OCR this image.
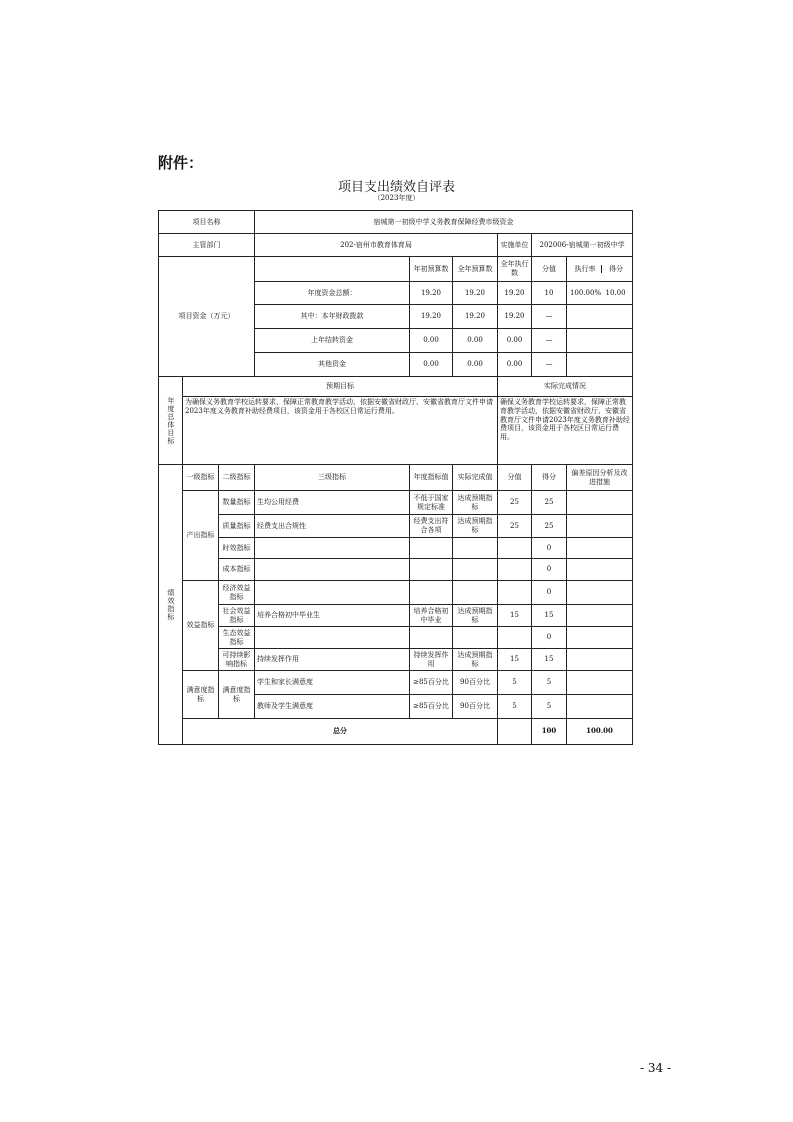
附件：
项目支出绩效自评表
（2023年度）
项目名称			宿城第一初级中学义务教育保障经费市级资金						
主管部门			202-宿州市教育体育局			实施单位	202006-宿城第一初级中学		
项目资金（万元）				年初预算数	全年预算数	全年执行数	分值	执行率 得分	
			年度资金总额：	19.20	19.20	19.20	10	100.00% 10.00	
			其中：本年财政拨款	19.20	19.20	19.20	—		
			上年结转资金	0.00	0.00	0.00	—		
			其他资金	0.00	0.00	0.00	—		

年度总体目标	预期目标					实际完成情况			
	为确保义务教育学校运转要求，保障正常教育教学活动，依据安徽省财政厅、安徽省教育厅文件申请2023年度义务教育补助经费项目，该资金用于各校区日常运行费用。					确保义务教育学校运转要求，保障正常教育教学活动，依据安徽省财政厅、安徽省教育厅文件申请2023年度义务教育补助经费项目，该资金用于各校区日常运行费用。			

绩效指标	一级指标	二级指标	三级指标	年度指标值	实际完成值	分值	得分	偏差原因分析及改进措施	
	产出指标	数量指标	生均公用经费	不低于国家规定标准	达成预期指标	25	25		
		质量指标	经费支出合规性	经费支出符合各项	达成预期指标	25	25		
		时效指标					0		
		成本指标					0		
	效益指标	经济效益指标					0		
		社会效益指标	培养合格初中毕业生	培养合格初中毕业	达成预期指标	15	15		
		生态效益指标					0		
		可持续影响指标	持续发挥作用	持续发挥作用	达成预期指标	15	15		
	满意度指标	满意度指标	学生和家长满意度	≥85百分比	90百分比	5	5		
			教师及学生满意度	≥85百分比	90百分比	5	5		
	总分						100	100.00	
- 34 -
